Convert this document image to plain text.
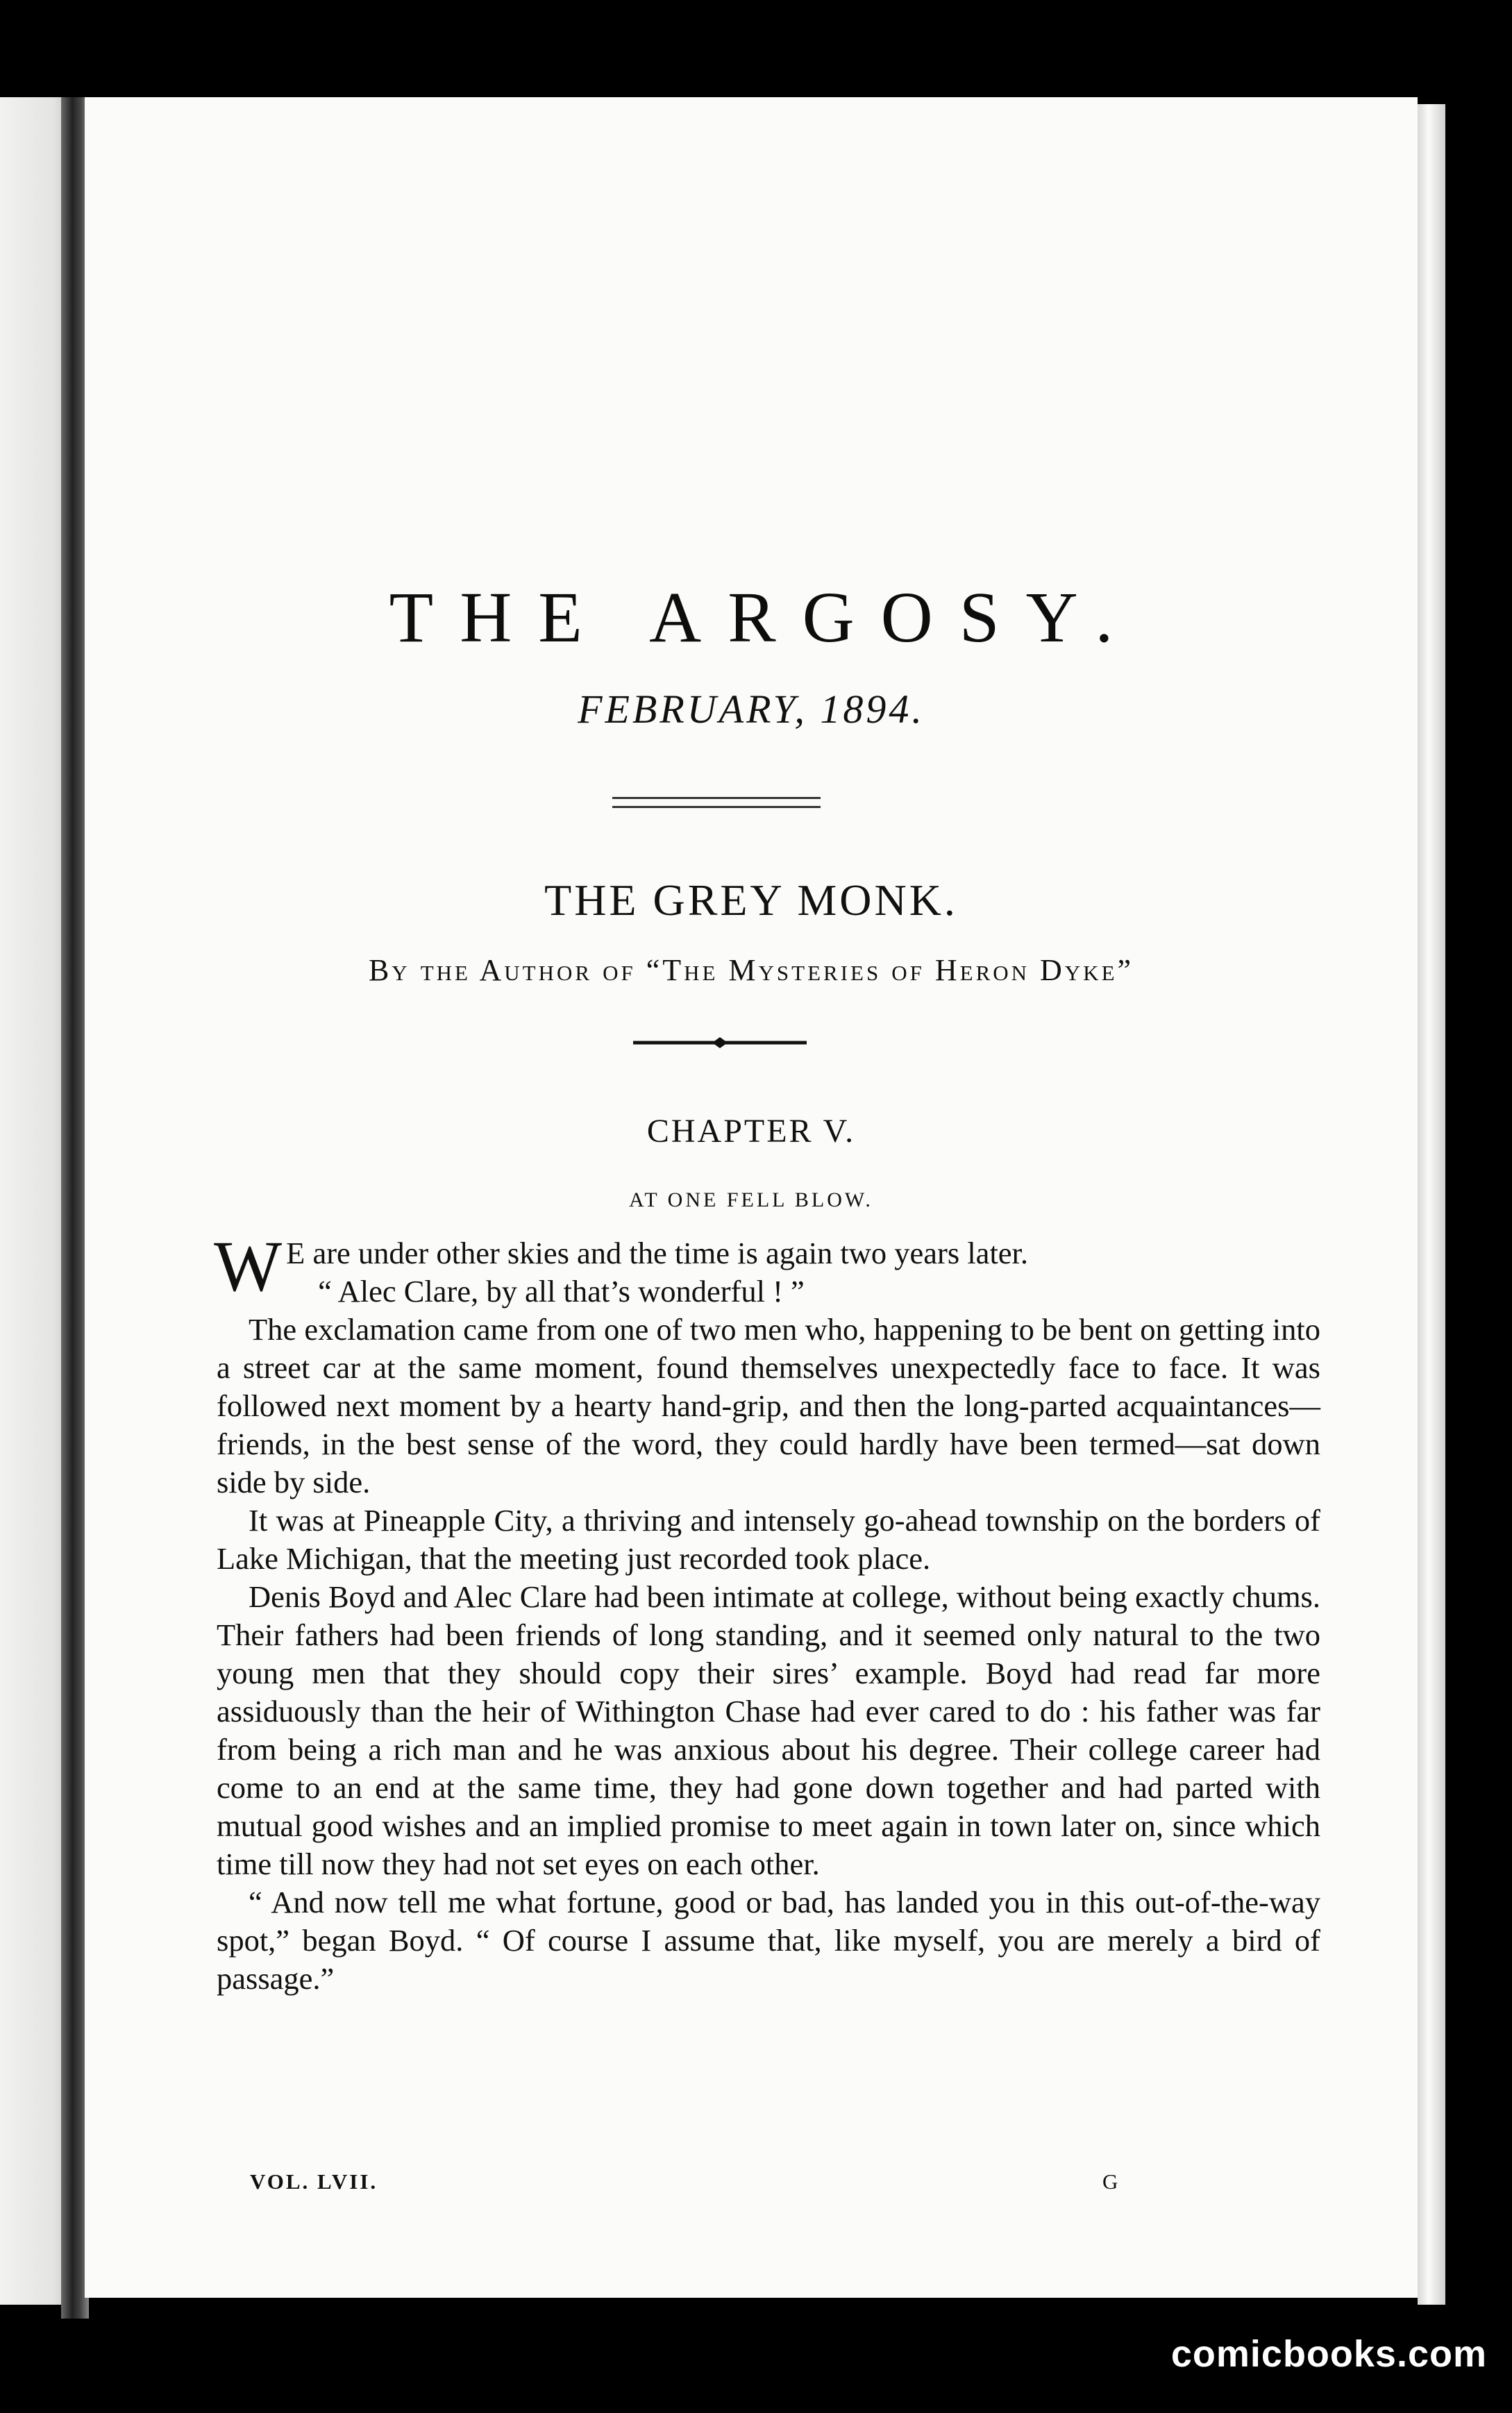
THE ARGOSY.
FEBRUARY, 1894.
THE GREY MONK.
By the Author of “The Mysteries of Heron Dyke”
CHAPTER V.
AT ONE FELL BLOW.

W E are under other skies and the time is again two years later.

“ Alec Clare, by all that’s wonderful ! ”

The exclamation came from one of two men who, happening to be bent on getting into a street car at the same moment, found themselves unexpectedly face to face. It was followed next moment by a hearty hand-grip, and then the long-parted acquaintances—friends, in the best sense of the word, they could hardly have been termed—sat down side by side.

It was at Pineapple City, a thriving and intensely go-ahead township on the borders of Lake Michigan, that the meeting just recorded took place.

Denis Boyd and Alec Clare had been intimate at college, without being exactly chums. Their fathers had been friends of long standing, and it seemed only natural to the two young men that they should copy their sires’ example. Boyd had read far more assiduously than the heir of Withington Chase had ever cared to do : his father was far from being a rich man and he was anxious about his degree. Their college career had come to an end at the same time, they had gone down together and had parted with mutual good wishes and an implied promise to meet again in town later on, since which time till now they had not set eyes on each other.

“ And now tell me what fortune, good or bad, has landed you in this out-of-the-way spot,” began Boyd. “ Of course I assume that, like myself, you are merely a bird of passage.”

VOL. LVII.	G
comicbooks.com
